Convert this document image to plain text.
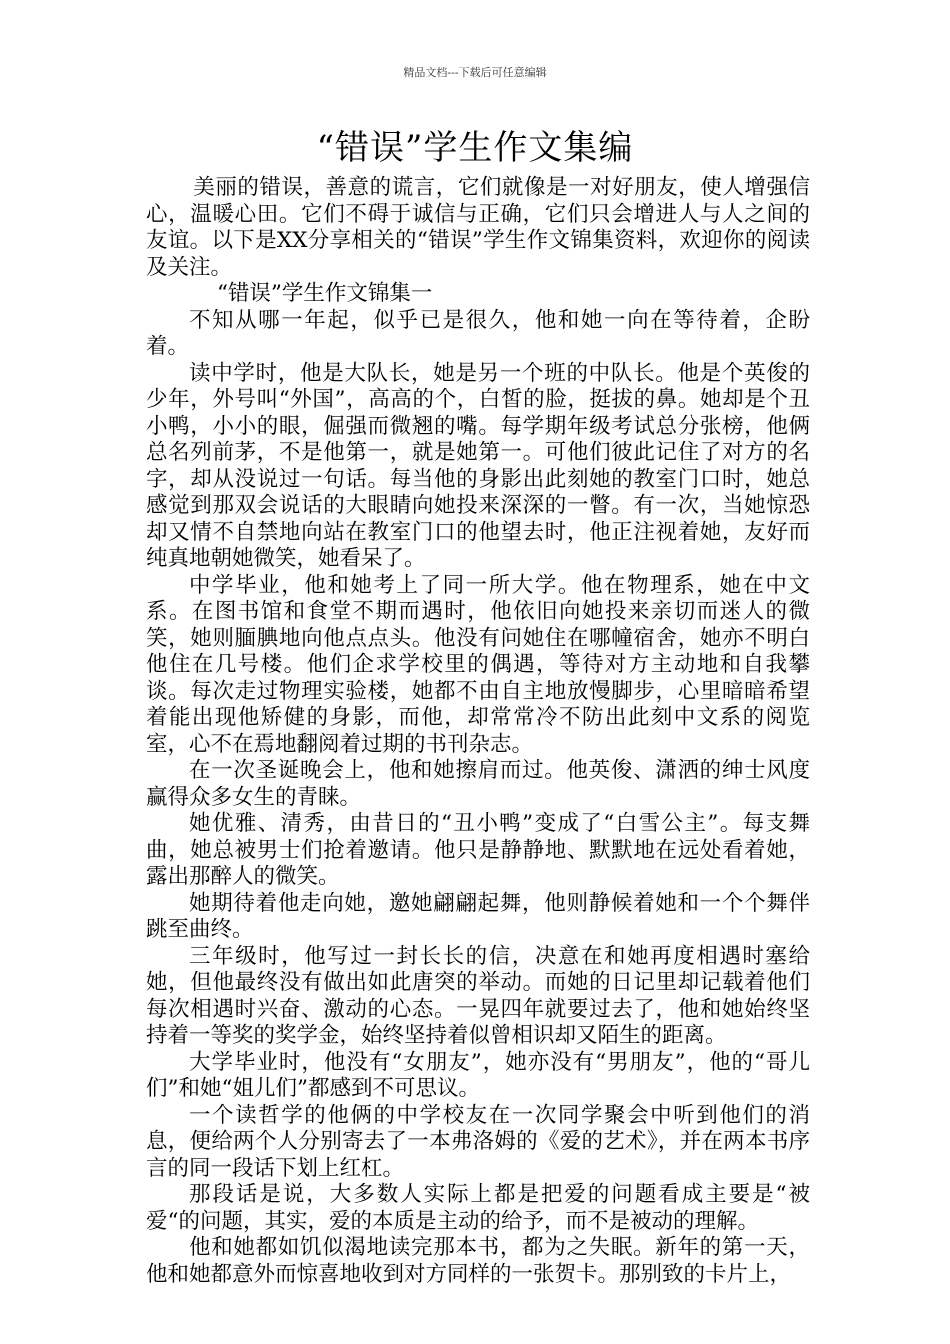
精品文档---下载后可任意编辑
“错误”学生作文集编

美丽的错误，善意的谎言，它们就像是一对好朋友，使人增强信心，温暖心田。它们不碍于诚信与正确，它们只会增进人与人之间的友谊。以下是XX分享相关的“错误”学生作文锦集资料，欢迎你的阅读及关注。

“错误”学生作文锦集一

不知从哪一年起，似乎已是很久，他和她一向在等待着，企盼着。

读中学时，他是大队长，她是另一个班的中队长。他是个英俊的少年，外号叫“外国”，高高的个，白皙的脸，挺拔的鼻。她却是个丑小鸭，小小的眼，倔强而微翘的嘴。每学期年级考试总分张榜，他俩总名列前茅，不是他第一，就是她第一。可他们彼此记住了对方的名字，却从没说过一句话。每当他的身影出此刻她的教室门口时，她总感觉到那双会说话的大眼睛向她投来深深的一瞥。有一次，当她惊恐却又情不自禁地向站在教室门口的他望去时，他正注视着她，友好而纯真地朝她微笑，她看呆了。

中学毕业，他和她考上了同一所大学。他在物理系，她在中文系。在图书馆和食堂不期而遇时，他依旧向她投来亲切而迷人的微笑，她则腼腆地向他点点头。他没有问她住在哪幢宿舍，她亦不明白他住在几号楼。他们企求学校里的偶遇，等待对方主动地和自我攀谈。每次走过物理实验楼，她都不由自主地放慢脚步，心里暗暗希望着能出现他矫健的身影，而他，却常常冷不防出此刻中文系的阅览室，心不在焉地翻阅着过期的书刊杂志。

在一次圣诞晚会上，他和她擦肩而过。他英俊、潇洒的绅士风度赢得众多女生的青睐。

她优雅、清秀，由昔日的“丑小鸭”变成了“白雪公主”。每支舞曲，她总被男士们抢着邀请。他只是静静地、默默地在远处看着她，露出那醉人的微笑。

她期待着他走向她，邀她翩翩起舞，他则静候着她和一个个舞伴跳至曲终。

三年级时，他写过一封长长的信，决意在和她再度相遇时塞给她，但他最终没有做出如此唐突的举动。而她的日记里却记载着他们每次相遇时兴奋、激动的心态。一晃四年就要过去了，他和她始终坚持着一等奖的奖学金，始终坚持着似曾相识却又陌生的距离。

大学毕业时，他没有“女朋友”，她亦没有“男朋友”，他的“哥儿们”和她“姐儿们”都感到不可思议。

一个读哲学的他俩的中学校友在一次同学聚会中听到他们的消息，便给两个人分别寄去了一本弗洛姆的《爱的艺术》，并在两本书序言的同一段话下划上红杠。

那段话是说，大多数人实际上都是把爱的问题看成主要是“被爱“的问题，其实，爱的本质是主动的给予，而不是被动的理解。

他和她都如饥似渴地读完那本书，都为之失眠。新年的第一天，他和她都意外而惊喜地收到对方同样的一张贺卡。那别致的卡片上，
